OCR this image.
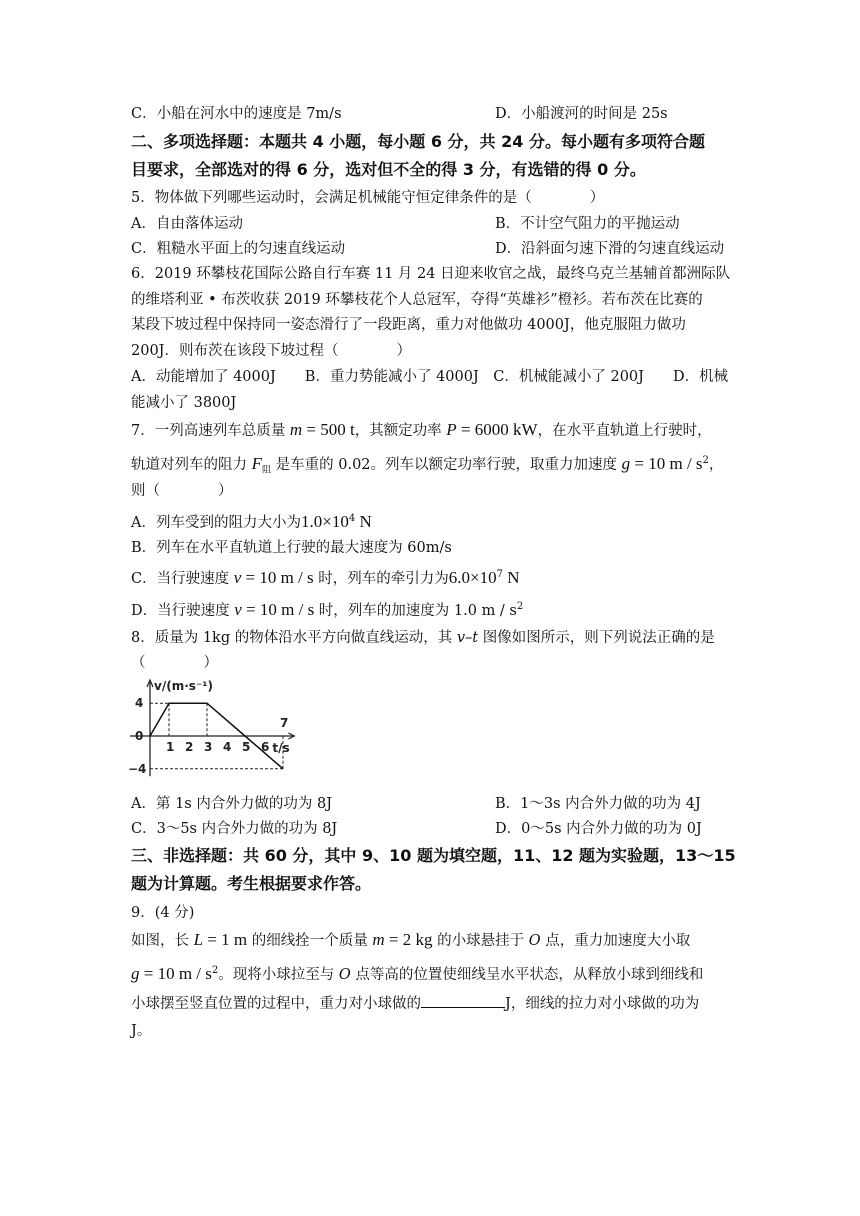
C．小船在河水中的速度是 7m/s	D．小船渡河的时间是 25s
二、多项选择题：本题共 4 小题，每小题 6 分，共 24 分。每小题有多项符合题
目要求，全部选对的得 6 分，选对但不全的得 3 分，有选错的得 0 分。
5．物体做下列哪些运动时，会满足机械能守恒定律条件的是（　　　　）
A．自由落体运动	B．不计空气阻力的平抛运动
C．粗糙水平面上的匀速直线运动	D．沿斜面匀速下滑的匀速直线运动
6．2019 环攀枝花国际公路自行车赛 11 月 24 日迎来收官之战，最终乌克兰基辅首都洲际队
的维塔利亚 • 布茨收获 2019 环攀枝花个人总冠军，夺得“英雄衫”橙衫。若布茨在比赛的
某段下坡过程中保持同一姿态滑行了一段距离，重力对他做功 4000J，他克服阻力做功
200J．则布茨在该段下坡过程（　　　　）
A．动能增加了 4000J　　B．重力势能减小了 4000J　C．机械能减小了 200J　　D．机械
能减小了 3800J
7．一列高速列车总质量 m = 500 t，其额定功率 P = 6000 kW，在水平直轨道上行驶时，
轨道对列车的阻力 $F_阻$ 是车重的 0.02。列车以额定功率行驶，取重力加速度 g = 10 m / $s^2$，
则（　　　　）
A．列车受到的阻力大小为$1.0\times 10^4$ N
B．列车在水平直轨道上行驶的最大速度为 60m/s
C．当行驶速度 v = 10 m / s 时，列车的牵引力为$6.0\times 10^7$ N
D．当行驶速度 v = 10 m / s 时，列车的加速度为 1.0 m / $s^2$
8．质量为 1kg 的物体沿水平方向做直线运动，其 v–t 图像如图所示，则下列说法正确的是
（　　　　）
v/(m·s⁻¹)
t/s
4
0
−4
1 2 3 4 5 6
7
A．第 1s 内合外力做的功为 8J	B．1～3s 内合外力做的功为 4J
C．3～5s 内合外力做的功为 8J	D．0～5s 内合外力做的功为 0J
三、非选择题：共 60 分，其中 9、10 题为填空题，11、12 题为实验题，13～15
题为计算题。考生根据要求作答。
9．(4 分)
如图，长 L = 1 m 的细线拴一个质量 m = 2 kg 的小球悬挂于 O 点，重力加速度大小取
g = 10 m / $s^2$。现将小球拉至与 O 点等高的位置使细线呈水平状态，从释放小球到细线和
小球摆至竖直位置的过程中，重力对小球做的	J，细线的拉力对小球做的功为
J。
